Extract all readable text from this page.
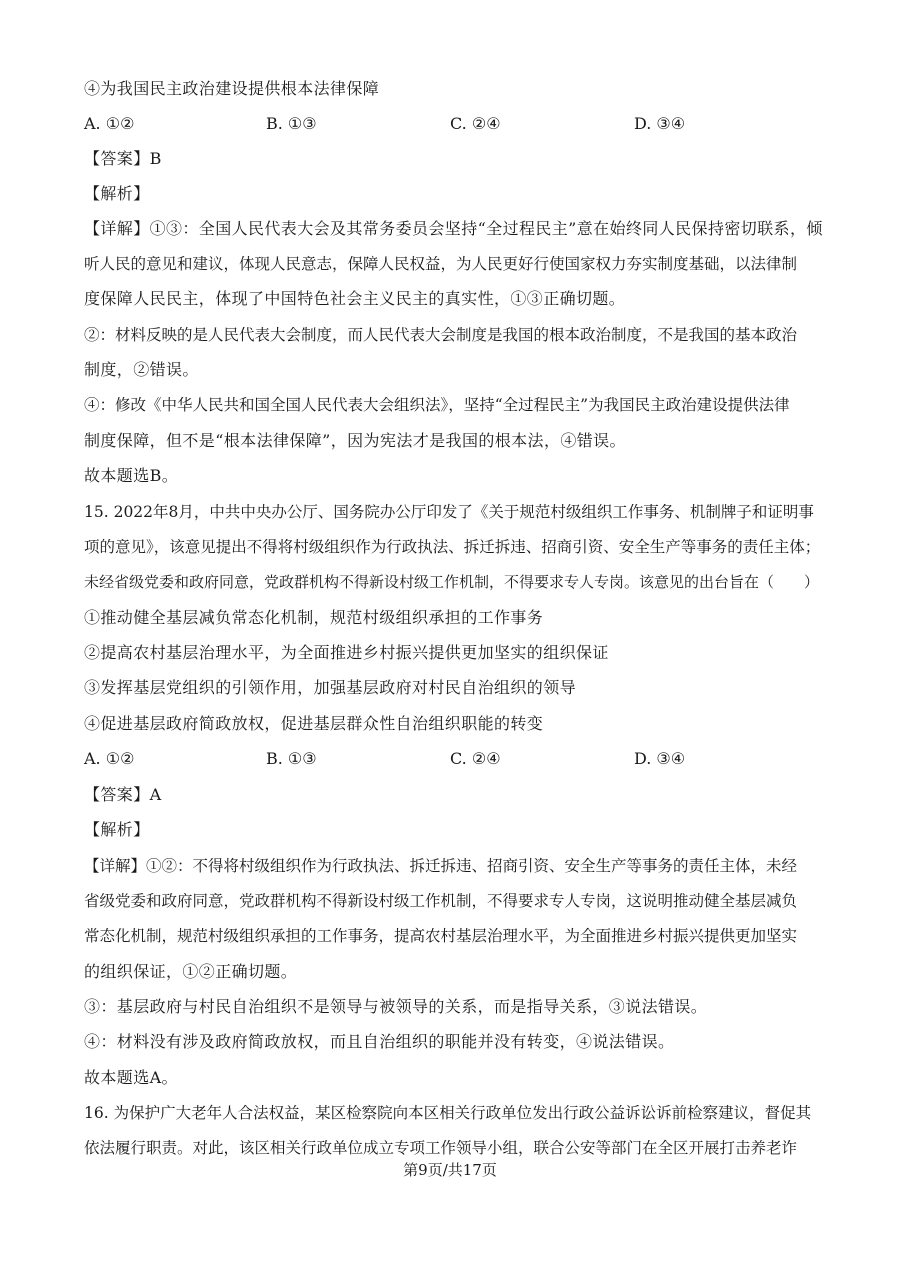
④为我国民主政治建设提供根本法律保障
A. ①②	B. ①③	C. ②④	D. ③④
【答案】B
【解析】
【详解】①③：全国人民代表大会及其常务委员会坚持“全过程民主”意在始终同人民保持密切联系，倾
听人民的意见和建议，体现人民意志，保障人民权益，为人民更好行使国家权力夯实制度基础，以法律制
度保障人民民主，体现了中国特色社会主义民主的真实性，①③正确切题。
②：材料反映的是人民代表大会制度，而人民代表大会制度是我国的根本政治制度，不是我国的基本政治
制度，②错误。
④：修改《中华人民共和国全国人民代表大会组织法》，坚持“全过程民主”为我国民主政治建设提供法律
制度保障，但不是“根本法律保障”，因为宪法才是我国的根本法，④错误。
故本题选B。
15. 2022年8月，中共中央办公厅、国务院办公厅印发了《关于规范村级组织工作事务、机制牌子和证明事
项的意见》，该意见提出不得将村级组织作为行政执法、拆迁拆违、招商引资、安全生产等事务的责任主体；
未经省级党委和政府同意，党政群机构不得新设村级工作机制，不得要求专人专岗。该意见的出台旨在（　　）
①推动健全基层减负常态化机制，规范村级组织承担的工作事务
②提高农村基层治理水平，为全面推进乡村振兴提供更加坚实的组织保证
③发挥基层党组织的引领作用，加强基层政府对村民自治组织的领导
④促进基层政府简政放权，促进基层群众性自治组织职能的转变
A. ①②	B. ①③	C. ②④	D. ③④
【答案】A
【解析】
【详解】①②：不得将村级组织作为行政执法、拆迁拆违、招商引资、安全生产等事务的责任主体，未经
省级党委和政府同意，党政群机构不得新设村级工作机制，不得要求专人专岗，这说明推动健全基层减负
常态化机制，规范村级组织承担的工作事务，提高农村基层治理水平，为全面推进乡村振兴提供更加坚实
的组织保证，①②正确切题。
③：基层政府与村民自治组织不是领导与被领导的关系，而是指导关系，③说法错误。
④：材料没有涉及政府简政放权，而且自治组织的职能并没有转变，④说法错误。
故本题选A。
16. 为保护广大老年人合法权益，某区检察院向本区相关行政单位发出行政公益诉讼诉前检察建议，督促其
依法履行职责。对此，该区相关行政单位成立专项工作领导小组，联合公安等部门在全区开展打击养老诈
第9页/共17页
